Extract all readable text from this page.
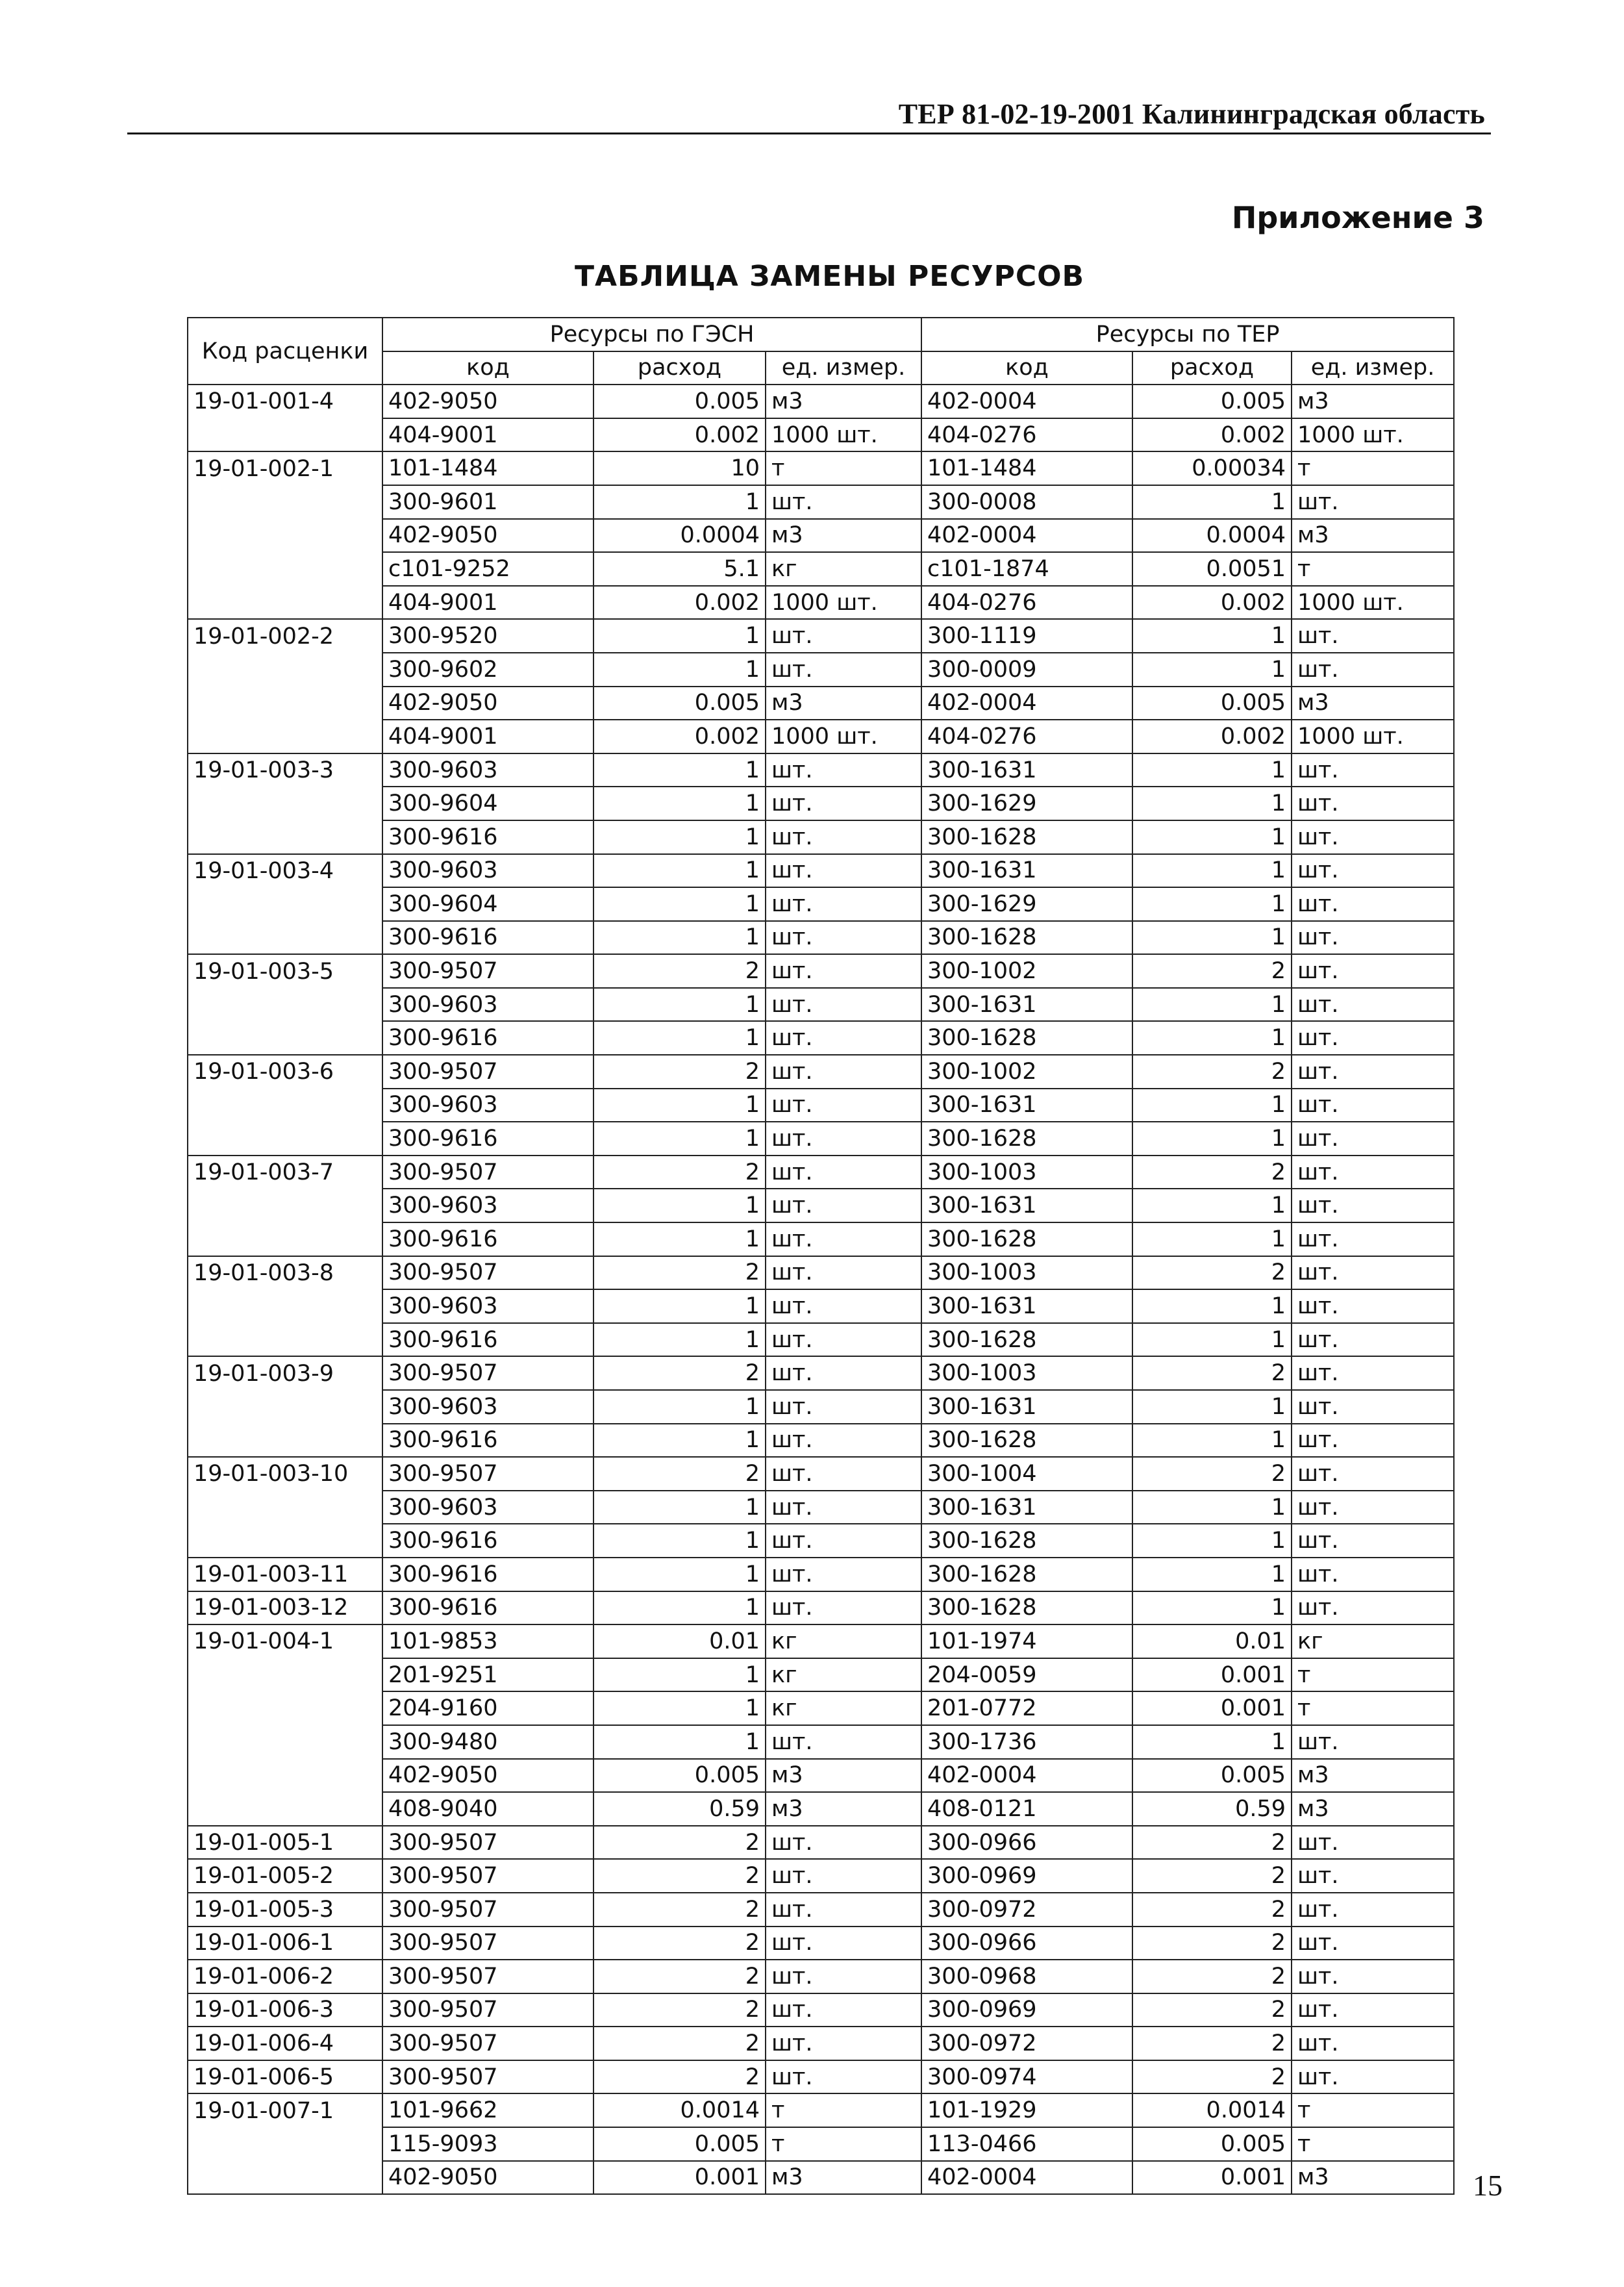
ТЕР 81-02-19-2001 Калининградская область
Приложение 3
ТАБЛИЦА ЗАМЕНЫ РЕСУРСОВ
Код расценки	Ресурсы по ГЭСН			Ресурсы по ТЕР		
	код	расход	ед. измер.	код	расход	ед. измер.
19-01-001-4	402-9050	0.005	м3	402-0004	0.005	м3
	404-9001	0.002	1000 шт.	404-0276	0.002	1000 шт.
19-01-002-1	101-1484	10	т	101-1484	0.00034	т
	300-9601	1	шт.	300-0008	1	шт.
	402-9050	0.0004	м3	402-0004	0.0004	м3
	с101-9252	5.1	кг	с101-1874	0.0051	т
	404-9001	0.002	1000 шт.	404-0276	0.002	1000 шт.
19-01-002-2	300-9520	1	шт.	300-1119	1	шт.
	300-9602	1	шт.	300-0009	1	шт.
	402-9050	0.005	м3	402-0004	0.005	м3
	404-9001	0.002	1000 шт.	404-0276	0.002	1000 шт.
19-01-003-3	300-9603	1	шт.	300-1631	1	шт.
	300-9604	1	шт.	300-1629	1	шт.
	300-9616	1	шт.	300-1628	1	шт.
19-01-003-4	300-9603	1	шт.	300-1631	1	шт.
	300-9604	1	шт.	300-1629	1	шт.
	300-9616	1	шт.	300-1628	1	шт.
19-01-003-5	300-9507	2	шт.	300-1002	2	шт.
	300-9603	1	шт.	300-1631	1	шт.
	300-9616	1	шт.	300-1628	1	шт.
19-01-003-6	300-9507	2	шт.	300-1002	2	шт.
	300-9603	1	шт.	300-1631	1	шт.
	300-9616	1	шт.	300-1628	1	шт.
19-01-003-7	300-9507	2	шт.	300-1003	2	шт.
	300-9603	1	шт.	300-1631	1	шт.
	300-9616	1	шт.	300-1628	1	шт.
19-01-003-8	300-9507	2	шт.	300-1003	2	шт.
	300-9603	1	шт.	300-1631	1	шт.
	300-9616	1	шт.	300-1628	1	шт.
19-01-003-9	300-9507	2	шт.	300-1003	2	шт.
	300-9603	1	шт.	300-1631	1	шт.
	300-9616	1	шт.	300-1628	1	шт.
19-01-003-10	300-9507	2	шт.	300-1004	2	шт.
	300-9603	1	шт.	300-1631	1	шт.
	300-9616	1	шт.	300-1628	1	шт.
19-01-003-11	300-9616	1	шт.	300-1628	1	шт.
19-01-003-12	300-9616	1	шт.	300-1628	1	шт.
19-01-004-1	101-9853	0.01	кг	101-1974	0.01	кг
	201-9251	1	кг	204-0059	0.001	т
	204-9160	1	кг	201-0772	0.001	т
	300-9480	1	шт.	300-1736	1	шт.
	402-9050	0.005	м3	402-0004	0.005	м3
	408-9040	0.59	м3	408-0121	0.59	м3
19-01-005-1	300-9507	2	шт.	300-0966	2	шт.
19-01-005-2	300-9507	2	шт.	300-0969	2	шт.
19-01-005-3	300-9507	2	шт.	300-0972	2	шт.
19-01-006-1	300-9507	2	шт.	300-0966	2	шт.
19-01-006-2	300-9507	2	шт.	300-0968	2	шт.
19-01-006-3	300-9507	2	шт.	300-0969	2	шт.
19-01-006-4	300-9507	2	шт.	300-0972	2	шт.
19-01-006-5	300-9507	2	шт.	300-0974	2	шт.
19-01-007-1	101-9662	0.0014	т	101-1929	0.0014	т
	115-9093	0.005	т	113-0466	0.005	т
	402-9050	0.001	м3	402-0004	0.001	м3	15
